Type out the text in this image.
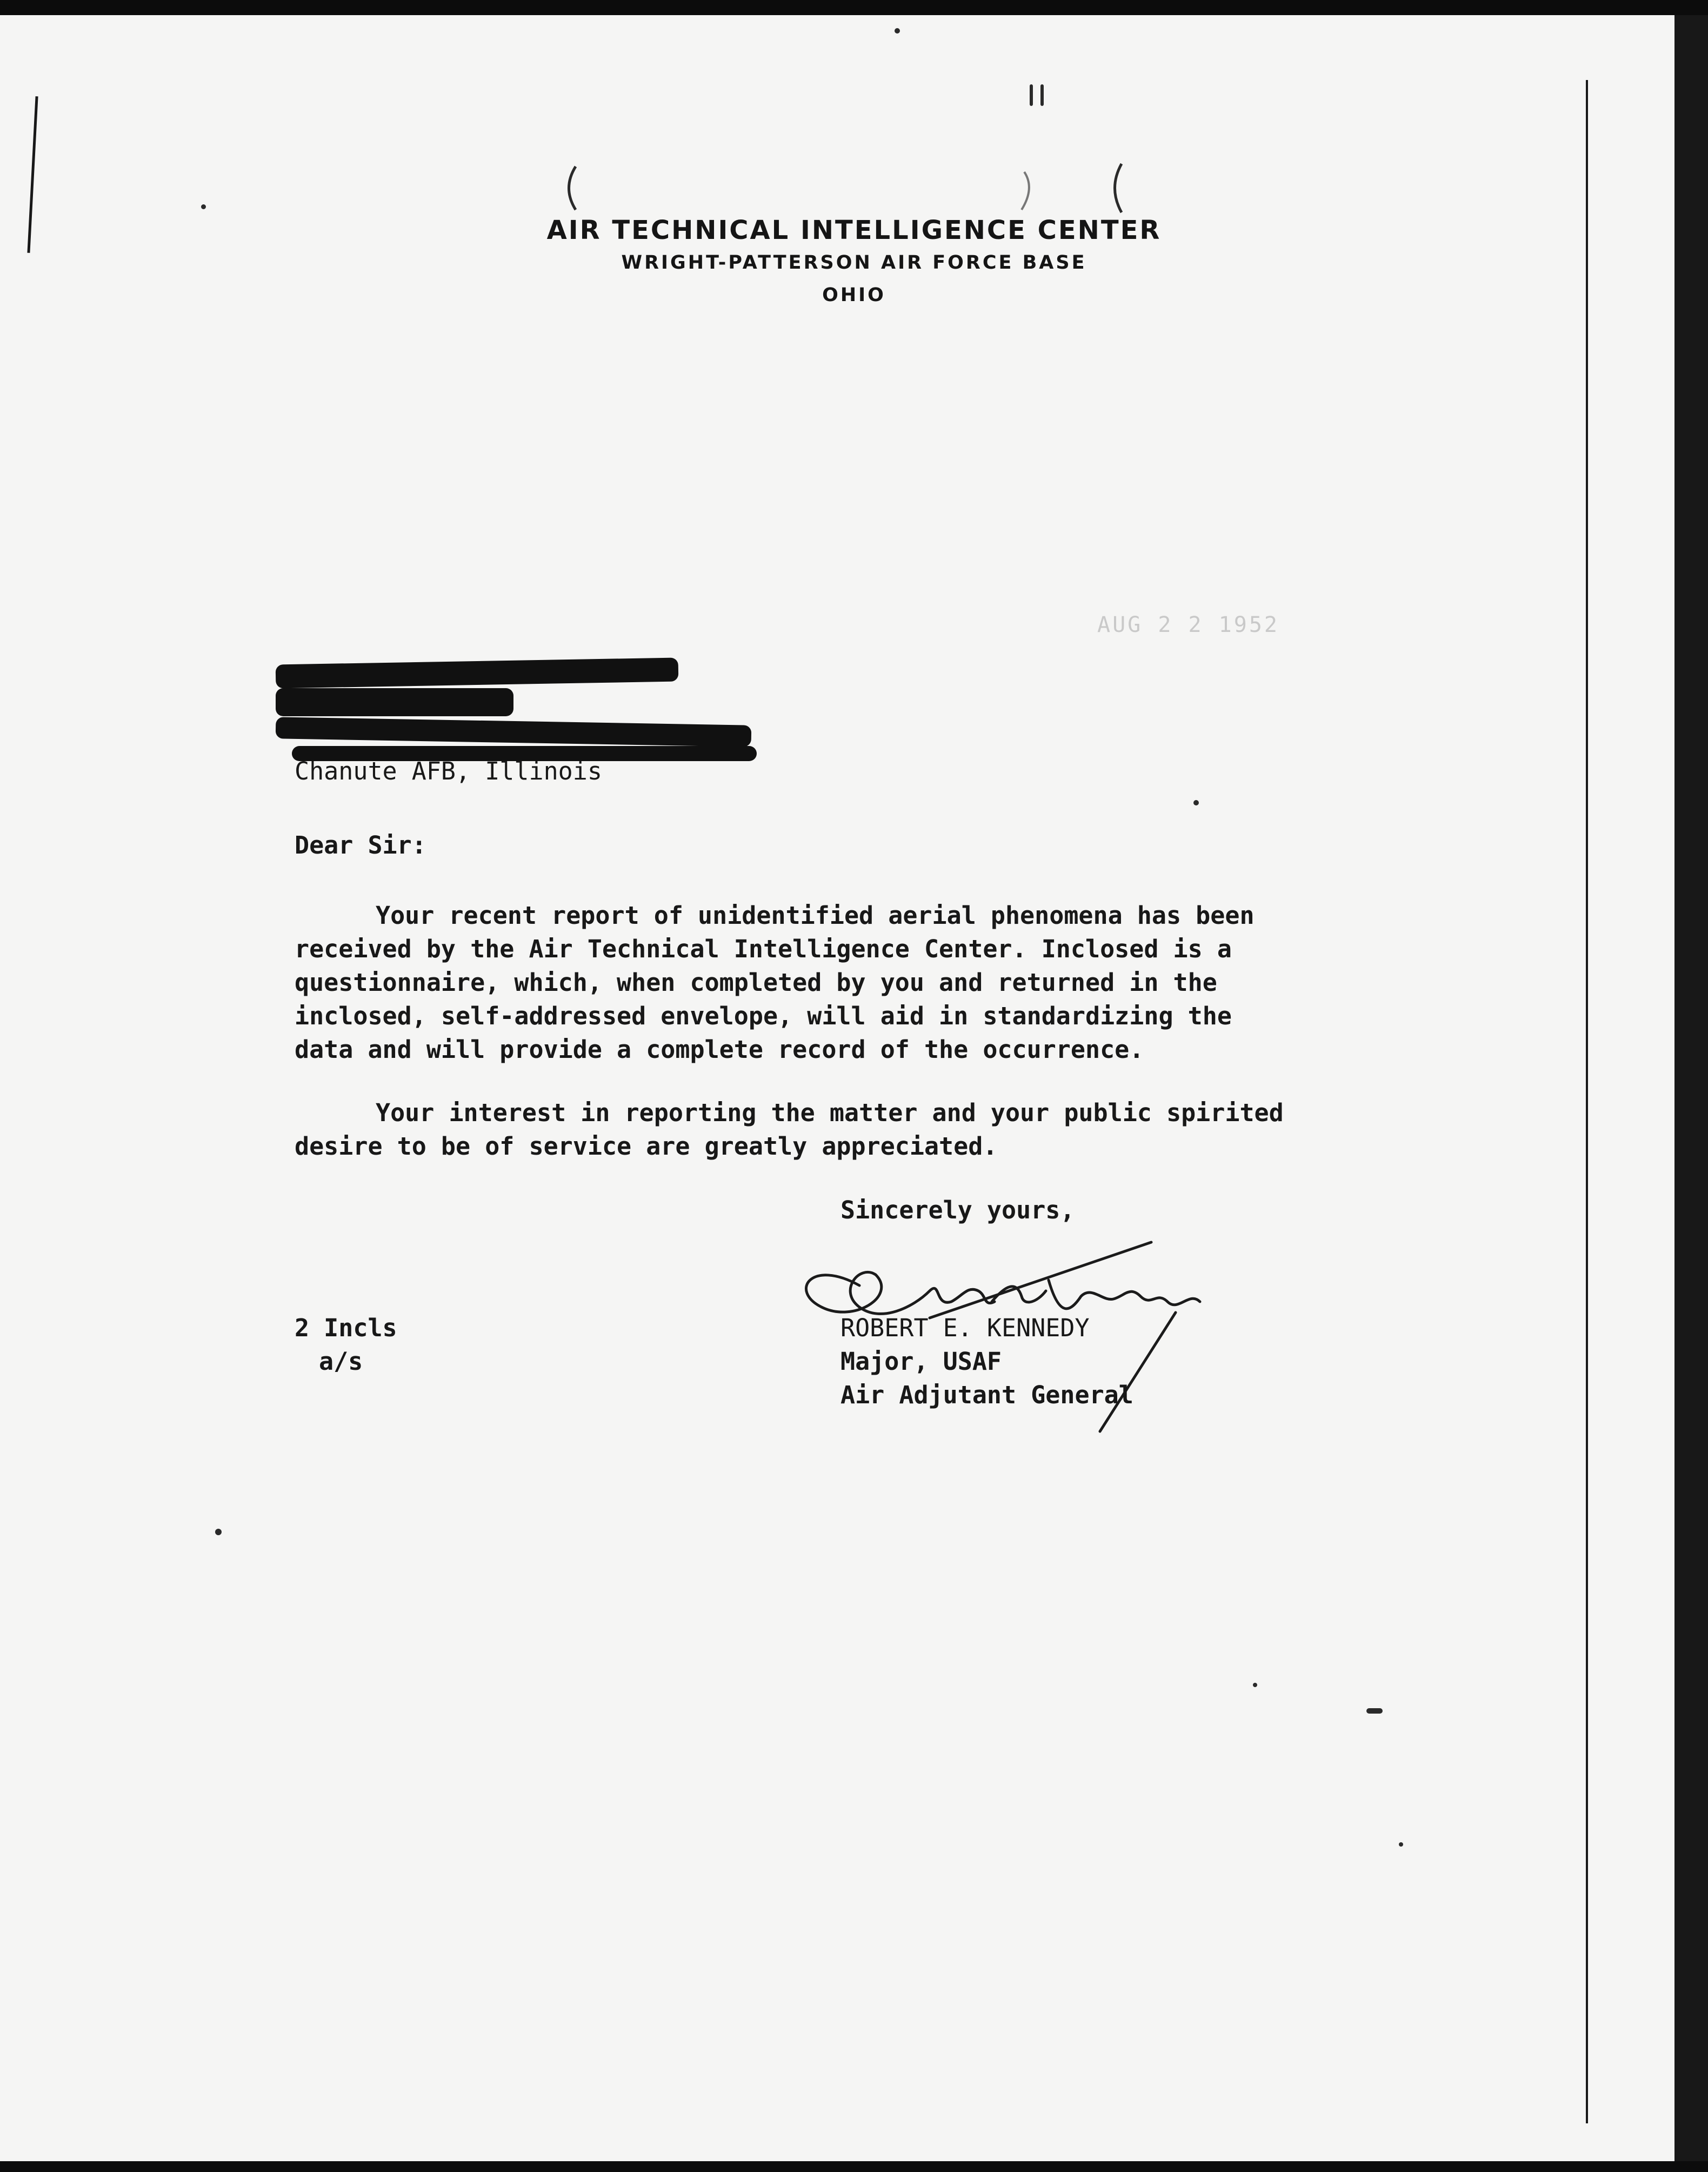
AIR TECHNICAL INTELLIGENCE CENTER
WRIGHT-PATTERSON AIR FORCE BASE
OHIO
AUG 2 2 1952
Chanute AFB, Illinois
Dear Sir:
Your recent report of unidentified aerial phenomena has been
received by the Air Technical Intelligence Center. Inclosed is a
questionnaire, which, when completed by you and returned in the
inclosed, self-addressed envelope, will aid in standardizing the
data and will provide a complete record of the occurrence.
Your interest in reporting the matter and your public spirited
desire to be of service are greatly appreciated.
Sincerely yours,
ROBERT E. KENNEDY
Major, USAF
Air Adjutant General
2 Incls
a/s
